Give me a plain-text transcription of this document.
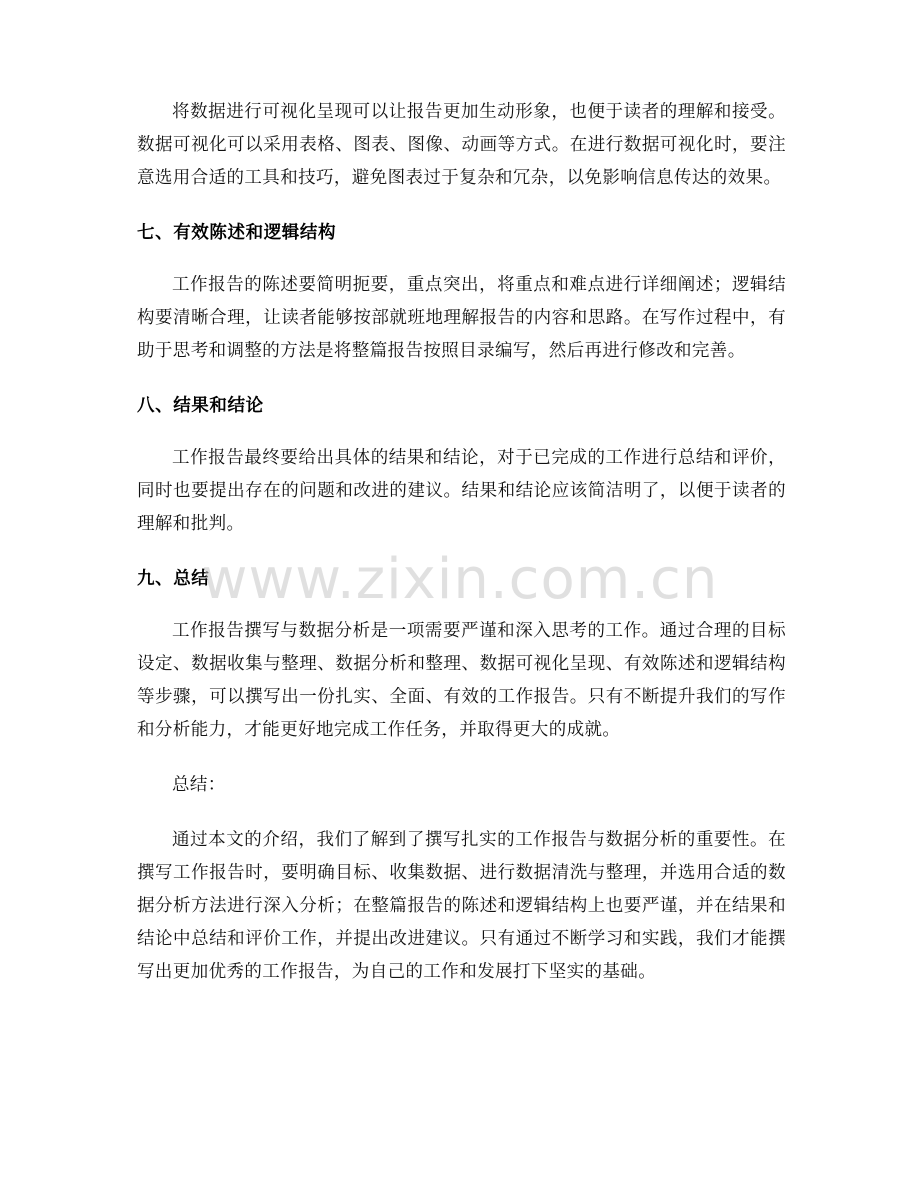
将数据进行可视化呈现可以让报告更加生动形象，也便于读者的理解和接受。数据可视化可以采用表格、图表、图像、动画等方式。在进行数据可视化时，要注意选用合适的工具和技巧，避免图表过于复杂和冗杂，以免影响信息传达的效果。

七、有效陈述和逻辑结构

工作报告的陈述要简明扼要，重点突出，将重点和难点进行详细阐述；逻辑结构要清晰合理，让读者能够按部就班地理解报告的内容和思路。在写作过程中，有助于思考和调整的方法是将整篇报告按照目录编写，然后再进行修改和完善。

八、结果和结论

工作报告最终要给出具体的结果和结论，对于已完成的工作进行总结和评价，同时也要提出存在的问题和改进的建议。结果和结论应该简洁明了，以便于读者的理解和批判。

九、总结

工作报告撰写与数据分析是一项需要严谨和深入思考的工作。通过合理的目标设定、数据收集与整理、数据分析和整理、数据可视化呈现、有效陈述和逻辑结构等步骤，可以撰写出一份扎实、全面、有效的工作报告。只有不断提升我们的写作和分析能力，才能更好地完成工作任务，并取得更大的成就。

总结：

通过本文的介绍，我们了解到了撰写扎实的工作报告与数据分析的重要性。在撰写工作报告时，要明确目标、收集数据、进行数据清洗与整理，并选用合适的数据分析方法进行深入分析；在整篇报告的陈述和逻辑结构上也要严谨，并在结果和结论中总结和评价工作，并提出改进建议。只有通过不断学习和实践，我们才能撰写出更加优秀的工作报告，为自己的工作和发展打下坚实的基础。

www.zixin.com.cn
